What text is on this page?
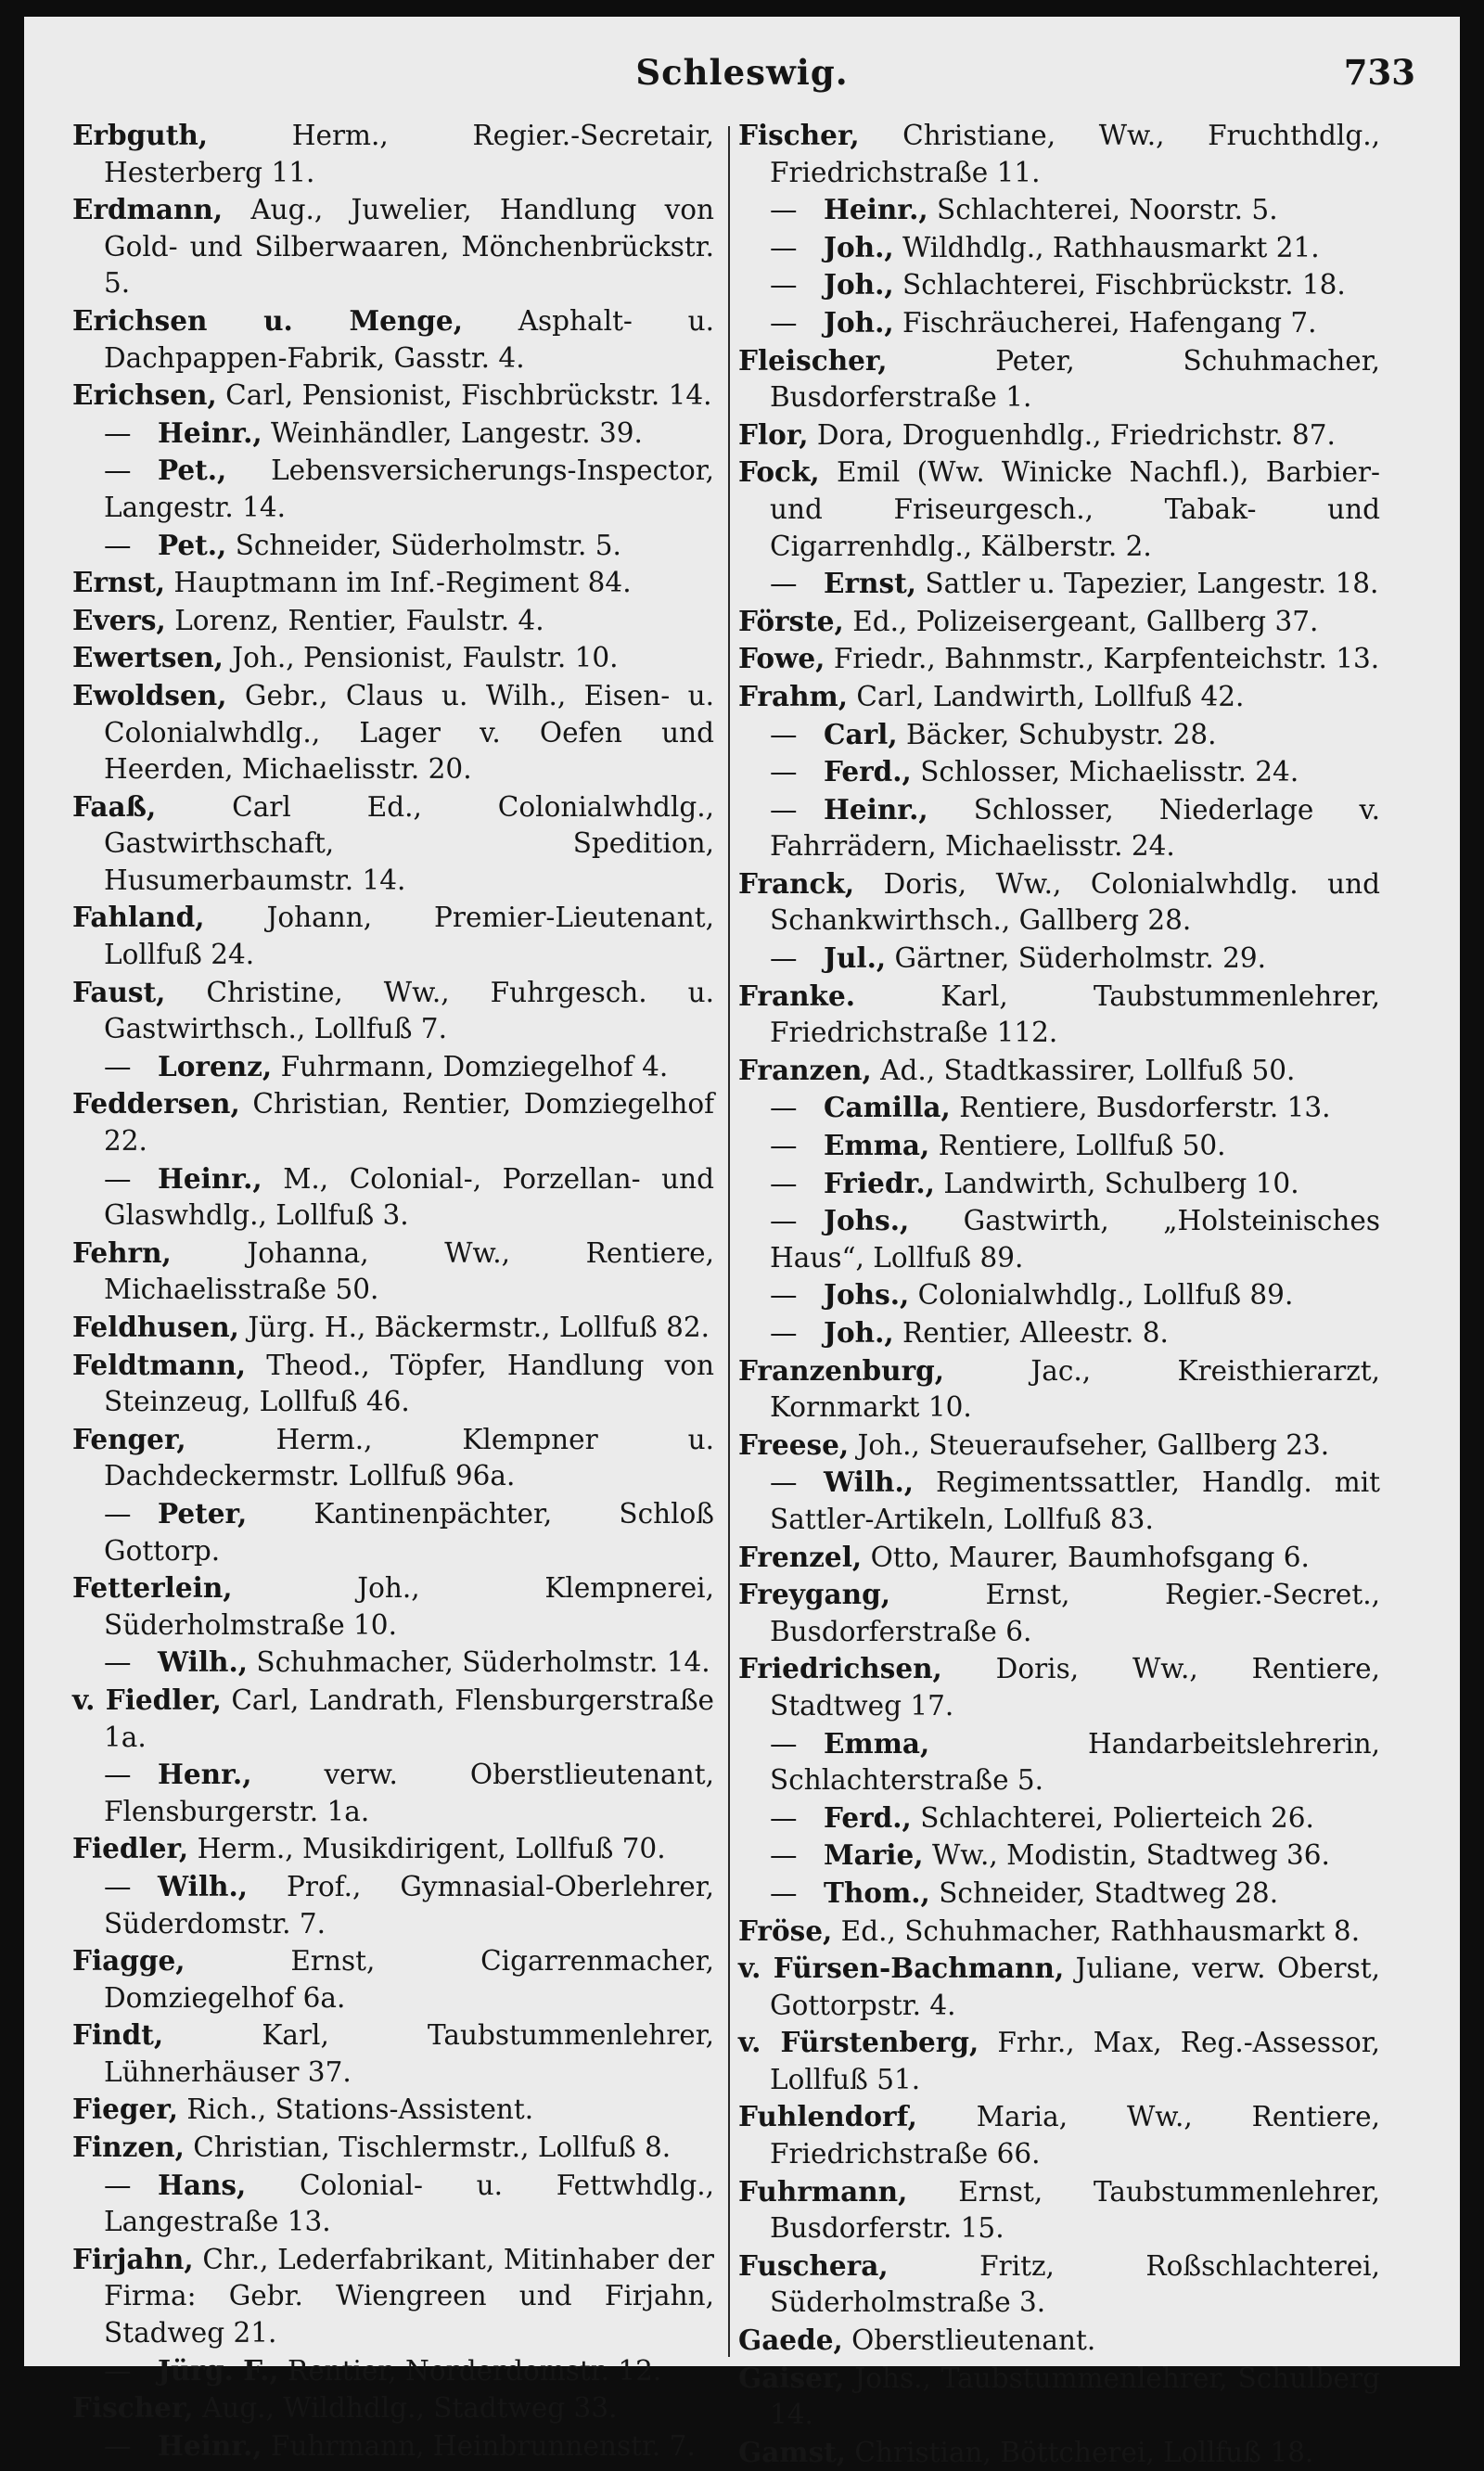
Schleswig.	733
Erbguth, Herm., Regier.-Secretair, Hesterberg 11.
Erdmann, Aug., Juwelier, Handlung von Gold- und Silberwaaren, Mönchenbrückstr. 5.
Erichsen u. Menge, Asphalt- u. Dachpappen-Fabrik, Gasstr. 4.
Erichsen, Carl, Pensionist, Fischbrückstr. 14.
— Heinr., Weinhändler, Langestr. 39.
— Pet., Lebensversicherungs-Inspector, Langestr. 14.
— Pet., Schneider, Süderholmstr. 5.
Ernst, Hauptmann im Inf.-Regiment 84.
Evers, Lorenz, Rentier, Faulstr. 4.
Ewertsen, Joh., Pensionist, Faulstr. 10.
Ewoldsen, Gebr., Claus u. Wilh., Eisen- u. Colonialwhdlg., Lager v. Oefen und Heerden, Michaelisstr. 20.
Faaß, Carl Ed., Colonialwhdlg., Gastwirthschaft, Spedition, Husumerbaumstr. 14.
Fahland, Johann, Premier-Lieutenant, Lollfuß 24.
Faust, Christine, Ww., Fuhrgesch. u. Gastwirthsch., Lollfuß 7.
— Lorenz, Fuhrmann, Domziegelhof 4.
Feddersen, Christian, Rentier, Domziegelhof 22.
— Heinr., M., Colonial-, Porzellan- und Glaswhdlg., Lollfuß 3.
Fehrn, Johanna, Ww., Rentiere, Michaelisstraße 50.
Feldhusen, Jürg. H., Bäckermstr., Lollfuß 82.
Feldtmann, Theod., Töpfer, Handlung von Steinzeug, Lollfuß 46.
Fenger, Herm., Klempner u. Dachdeckermstr. Lollfuß 96a.
— Peter, Kantinenpächter, Schloß Gottorp.
Fetterlein, Joh., Klempnerei, Süderholmstraße 10.
— Wilh., Schuhmacher, Süderholmstr. 14.
v. Fiedler, Carl, Landrath, Flensburgerstraße 1a.
— Henr., verw. Oberstlieutenant, Flensburgerstr. 1a.
Fiedler, Herm., Musikdirigent, Lollfuß 70.
— Wilh., Prof., Gymnasial-Oberlehrer, Süderdomstr. 7.
Fiagge, Ernst, Cigarrenmacher, Domziegelhof 6a.
Findt, Karl, Taubstummenlehrer, Lühnerhäuser 37.
Fieger, Rich., Stations-Assistent.
Finzen, Christian, Tischlermstr., Lollfuß 8.
— Hans, Colonial- u. Fettwhdlg., Langestraße 13.
Firjahn, Chr., Lederfabrikant, Mitinhaber der Firma: Gebr. Wiengreen und Firjahn, Stadweg 21.
— Jürg. F., Rentier, Norderdomstr. 12.
Fischer, Aug., Wildhdlg., Stadtweg 33.
— Heinr., Fuhrmann, Heinbrunnenstr. 7.
Fischer, Christiane, Ww., Fruchthdlg., Friedrichstraße 11.
— Heinr., Schlachterei, Noorstr. 5.
— Joh., Wildhdlg., Rathhausmarkt 21.
— Joh., Schlachterei, Fischbrückstr. 18.
— Joh., Fischräucherei, Hafengang 7.
Fleischer, Peter, Schuhmacher, Busdorferstraße 1.
Flor, Dora, Droguenhdlg., Friedrichstr. 87.
Fock, Emil (Ww. Winicke Nachfl.), Barbier- und Friseurgesch., Tabak- und Cigarrenhdlg., Kälberstr. 2.
— Ernst, Sattler u. Tapezier, Langestr. 18.
Förste, Ed., Polizeisergeant, Gallberg 37.
Fowe, Friedr., Bahnmstr., Karpfenteichstr. 13.
Frahm, Carl, Landwirth, Lollfuß 42.
— Carl, Bäcker, Schubystr. 28.
— Ferd., Schlosser, Michaelisstr. 24.
— Heinr., Schlosser, Niederlage v. Fahrrädern, Michaelisstr. 24.
Franck, Doris, Ww., Colonialwhdlg. und Schankwirthsch., Gallberg 28.
— Jul., Gärtner, Süderholmstr. 29.
Franke. Karl, Taubstummenlehrer, Friedrichstraße 112.
Franzen, Ad., Stadtkassirer, Lollfuß 50.
— Camilla, Rentiere, Busdorferstr. 13.
— Emma, Rentiere, Lollfuß 50.
— Friedr., Landwirth, Schulberg 10.
— Johs., Gastwirth, „Holsteinisches Haus“, Lollfuß 89.
— Johs., Colonialwhdlg., Lollfuß 89.
— Joh., Rentier, Alleestr. 8.
Franzenburg, Jac., Kreisthierarzt, Kornmarkt 10.
Freese, Joh., Steueraufseher, Gallberg 23.
— Wilh., Regimentssattler, Handlg. mit Sattler-Artikeln, Lollfuß 83.
Frenzel, Otto, Maurer, Baumhofsgang 6.
Freygang, Ernst, Regier.-Secret., Busdorferstraße 6.
Friedrichsen, Doris, Ww., Rentiere, Stadtweg 17.
— Emma, Handarbeitslehrerin, Schlachterstraße 5.
— Ferd., Schlachterei, Polierteich 26.
— Marie, Ww., Modistin, Stadtweg 36.
— Thom., Schneider, Stadtweg 28.
Fröse, Ed., Schuhmacher, Rathhausmarkt 8.
v. Fürsen-Bachmann, Juliane, verw. Oberst, Gottorpstr. 4.
v. Fürstenberg, Frhr., Max, Reg.-Assessor, Lollfuß 51.
Fuhlendorf, Maria, Ww., Rentiere, Friedrichstraße 66.
Fuhrmann, Ernst, Taubstummenlehrer, Busdorferstr. 15.
Fuschera, Fritz, Roßschlachterei, Süderholmstraße 3.
Gaede, Oberstlieutenant.
Gaiser, Johs., Taubstummenlehrer, Schulberg 14.
Gamst, Christian, Böttcherei, Lollfuß 18.
